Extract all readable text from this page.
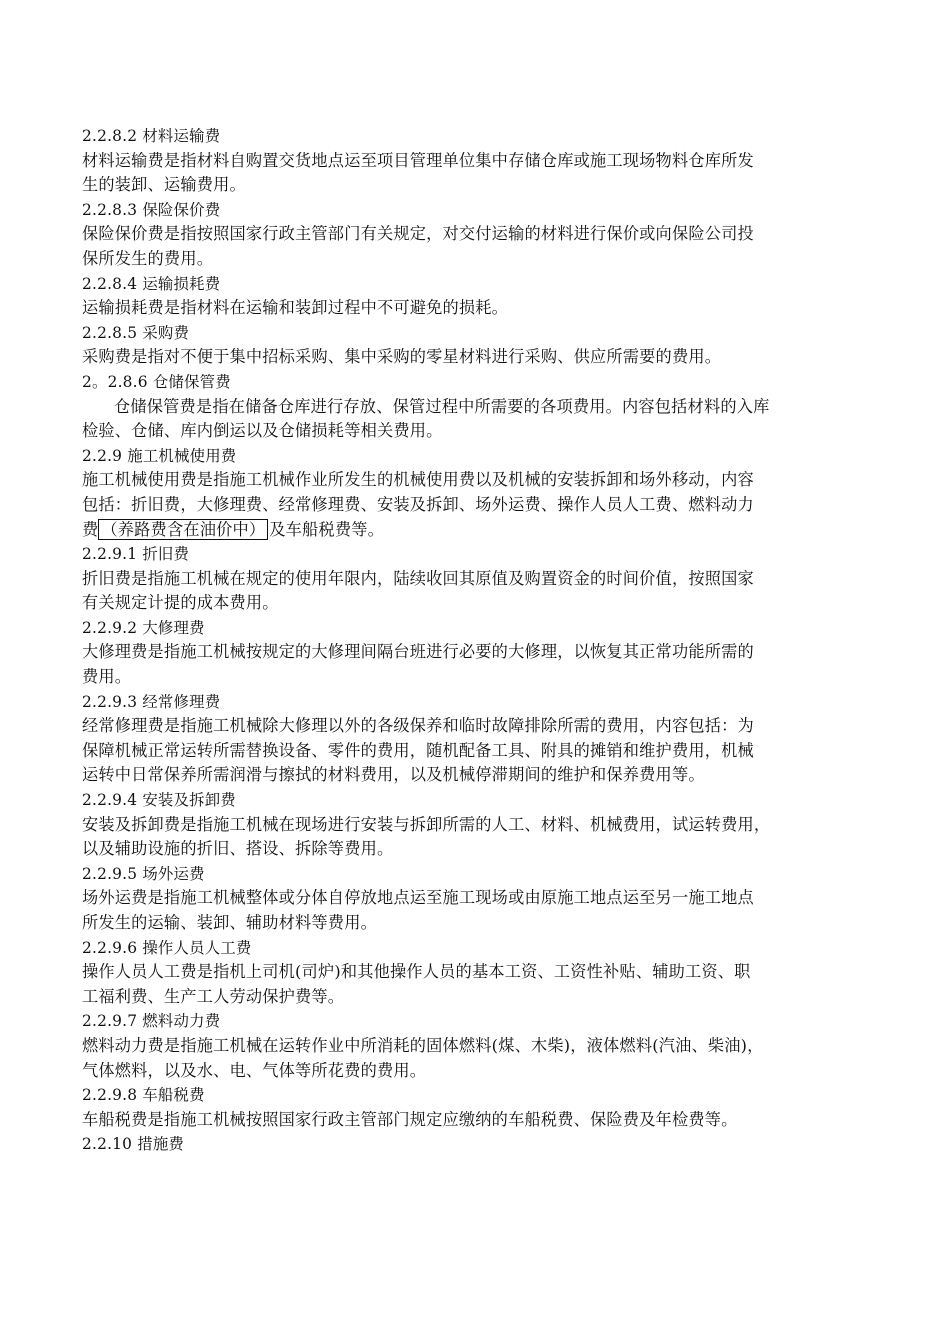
2.2.8.2 材料运输费
材料运输费是指材料自购置交货地点运至项目管理单位集中存储仓库或施工现场物料仓库所发
生的装卸、运输费用。
2.2.8.3 保险保价费
保险保价费是指按照国家行政主管部门有关规定，对交付运输的材料进行保价或向保险公司投
保所发生的费用。
2.2.8.4 运输损耗费
运输损耗费是指材料在运输和装卸过程中不可避免的损耗。
2.2.8.5 采购费
采购费是指对不便于集中招标采购、集中采购的零星材料进行采购、供应所需要的费用。
2。2.8.6 仓储保管费
仓储保管费是指在储备仓库进行存放、保管过程中所需要的各项费用。内容包括材料的入库
检验、仓储、库内倒运以及仓储损耗等相关费用。
2.2.9 施工机械使用费
施工机械使用费是指施工机械作业所发生的机械使用费以及机械的安装拆卸和场外移动，内容
包括：折旧费，大修理费、经常修理费、安装及拆卸、场外运费、操作人员人工费、燃料动力
费 （养路费含在油价中） 及车船税费等。
2.2.9.1 折旧费
折旧费是指施工机械在规定的使用年限内，陆续收回其原值及购置资金的时间价值，按照国家
有关规定计提的成本费用。
2.2.9.2 大修理费
大修理费是指施工机械按规定的大修理间隔台班进行必要的大修理，以恢复其正常功能所需的
费用。
2.2.9.3 经常修理费
经常修理费是指施工机械除大修理以外的各级保养和临时故障排除所需的费用，内容包括：为
保障机械正常运转所需替换设备、零件的费用，随机配备工具、附具的摊销和维护费用，机械
运转中日常保养所需润滑与擦拭的材料费用，以及机械停滞期间的维护和保养费用等。
2.2.9.4 安装及拆卸费
安装及拆卸费是指施工机械在现场进行安装与拆卸所需的人工、材料、机械费用，试运转费用，
以及辅助设施的折旧、搭设、拆除等费用。
2.2.9.5 场外运费
场外运费是指施工机械整体或分体自停放地点运至施工现场或由原施工地点运至另一施工地点
所发生的运输、装卸、辅助材料等费用。
2.2.9.6 操作人员人工费
操作人员人工费是指机上司机(司炉)和其他操作人员的基本工资、工资性补贴、辅助工资、职
工福利费、生产工人劳动保护费等。
2.2.9.7 燃料动力费
燃料动力费是指施工机械在运转作业中所消耗的固体燃料(煤、木柴)，液体燃料(汽油、柴油)，
气体燃料，以及水、电、气体等所花费的费用。
2.2.9.8 车船税费
车船税费是指施工机械按照国家行政主管部门规定应缴纳的车船税费、保险费及年检费等。
2.2.10 措施费
